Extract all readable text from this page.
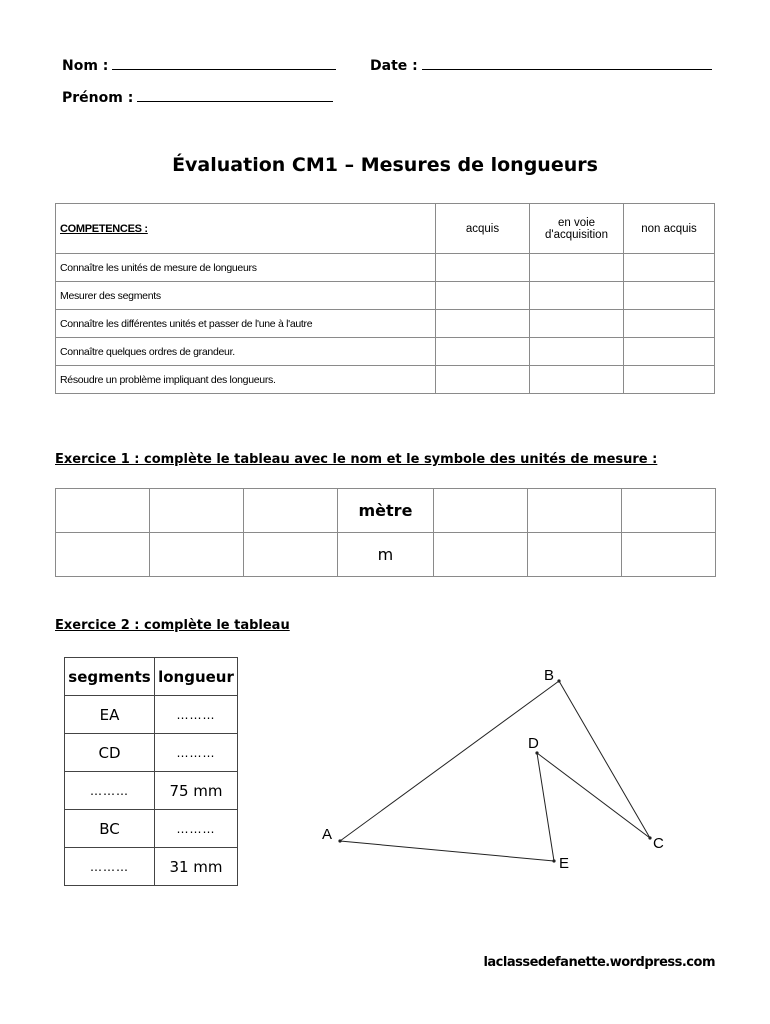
Nom :	Date :
Prénom :
Évaluation CM1 – Mesures de longueurs
COMPETENCES :	acquis	en voie d'acquisition	non acquis
Connaître les unités de mesure de longueurs			
Mesurer des segments			
Connaître les différentes unités et passer de l'une à l'autre			
Connaître quelques ordres de grandeur.			
Résoudre un problème impliquant des longueurs.			
Exercice 1 : complète le tableau avec le nom et le symbole des unités de mesure :
			mètre			
			m			
Exercice 2 : complète le tableau
segments	longueur
EA	………
CD	………
………	75 mm
BC	………
………	31 mm
A
B
C
D
E
laclassedefanette.wordpress.com
